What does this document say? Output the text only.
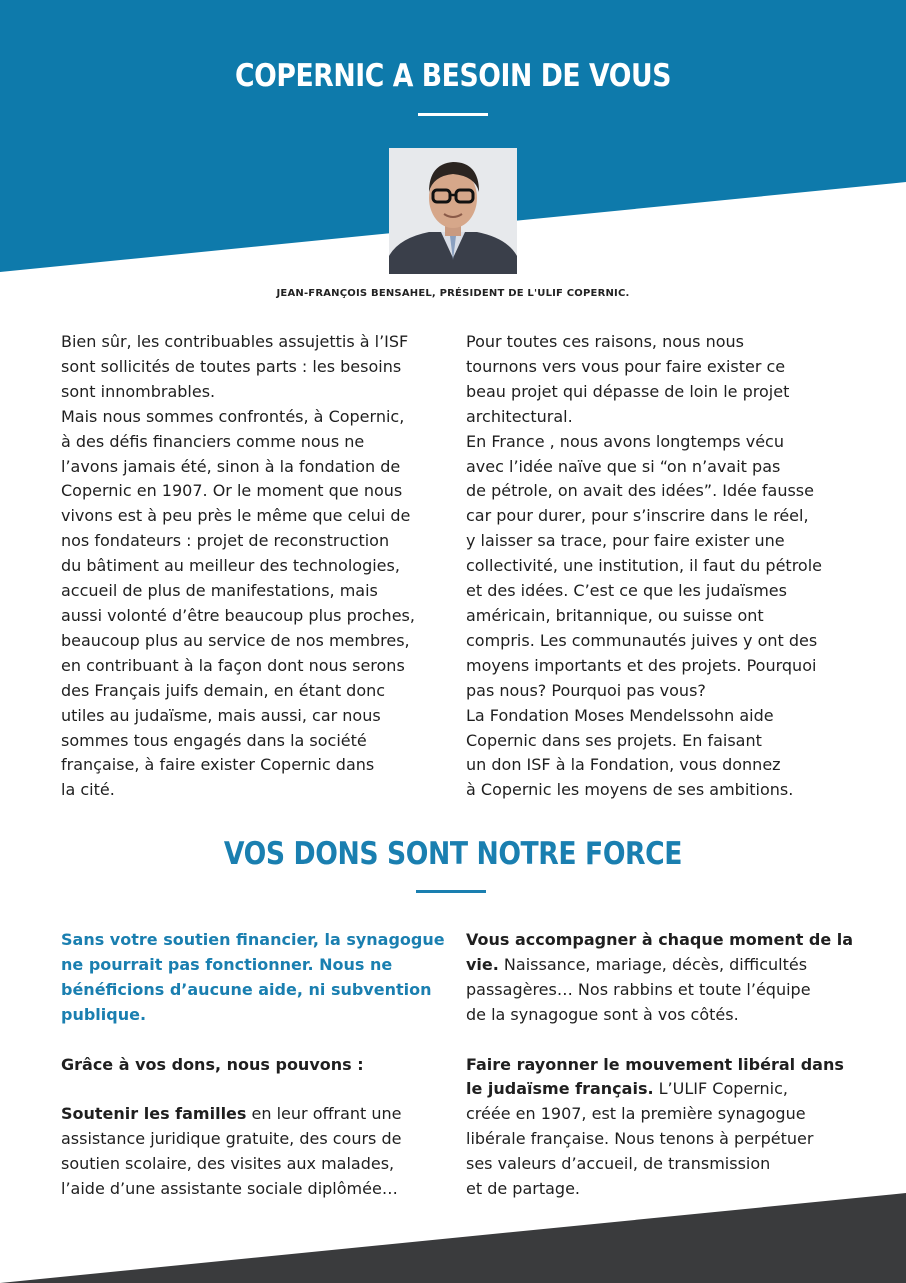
COPERNIC A BESOIN DE VOUS
JEAN-FRANÇOIS BENSAHEL, PRÉSIDENT DE L'ULIF COPERNIC.
Bien sûr, les contribuables assujettis à l’ISF
sont sollicités de toutes parts : les besoins
sont innombrables.
Mais nous sommes confrontés, à Copernic,
à des défis financiers comme nous ne
l’avons jamais été, sinon à la fondation de
Copernic en 1907. Or le moment que nous
vivons est à peu près le même que celui de
nos fondateurs : projet de reconstruction
du bâtiment au meilleur des technologies,
accueil de plus de manifestations, mais
aussi volonté d’être beaucoup plus proches,
beaucoup plus au service de nos membres,
en contribuant à la façon dont nous serons
des Français juifs demain, en étant donc
utiles au judaïsme, mais aussi, car nous
sommes tous engagés dans la société
française, à faire exister Copernic dans
la cité.
Pour toutes ces raisons, nous nous
tournons vers vous pour faire exister ce
beau projet qui dépasse de loin le projet
architectural.
En France , nous avons longtemps vécu
avec l’idée naïve que si “on n’avait pas
de pétrole, on avait des idées”. Idée fausse
car pour durer, pour s’inscrire dans le réel,
y laisser sa trace, pour faire exister une
collectivité, une institution, il faut du pétrole
et des idées. C’est ce que les judaïsmes
américain, britannique, ou suisse ont
compris. Les communautés juives y ont des
moyens importants et des projets. Pourquoi
pas nous? Pourquoi pas vous?
La Fondation Moses Mendelssohn aide
Copernic dans ses projets. En faisant
un don ISF à la Fondation, vous donnez
à Copernic les moyens de ses ambitions.
VOS DONS SONT NOTRE FORCE
Sans votre soutien financier, la synagogue
ne pourrait pas fonctionner. Nous ne
bénéficions d’aucune aide, ni subvention
publique.
Grâce à vos dons, nous pouvons :
Soutenir les familles en leur offrant une
assistance juridique gratuite, des cours de
soutien scolaire, des visites aux malades,
l’aide d’une assistante sociale diplômée…
Vous accompagner à chaque moment de la
vie. Naissance, mariage, décès, difficultés
passagères… Nos rabbins et toute l’équipe
de la synagogue sont à vos côtés.
Faire rayonner le mouvement libéral dans
le judaïsme français. L’ULIF Copernic,
créée en 1907, est la première synagogue
libérale française. Nous tenons à perpétuer
ses valeurs d’accueil, de transmission
et de partage.
